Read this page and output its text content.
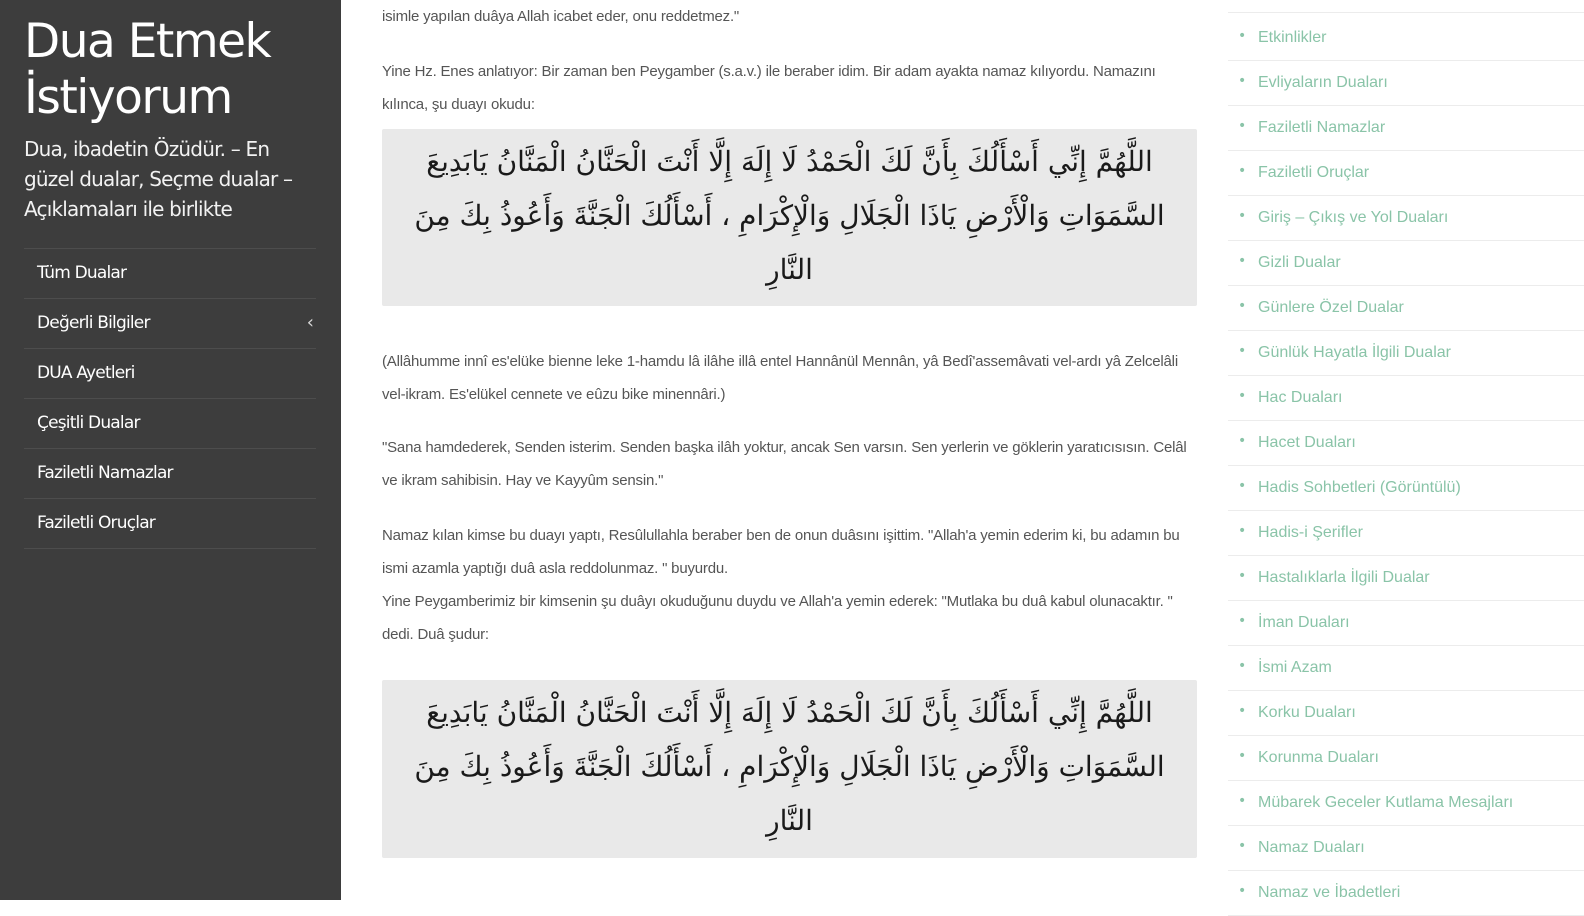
Dua Etmek
İstiyorum

Dua, ibadetin Özüdür. – En güzel dualar, Seçme dualar – Açıklamaları ile birlikte

Tüm Dualar
Değerli Bilgiler	‹
DUA Ayetleri
Çeşitli Dualar
Faziletli Namazlar
Faziletli Oruçlar

isimle yapılan duâya Allah icabet eder, onu reddetmez."

Yine Hz. Enes anlatıyor: Bir zaman ben Peygamber (s.a.v.) ile beraber idim. Bir adam ayakta namaz kılıyordu. Namazını kılınca, şu duayı okudu:

اللَّهُمَّ إِنِّي أَسْأَلُكَ بِأَنَّ لَكَ الْحَمْدُ لَا إِلَهَ إِلَّا أَنْتَ الْحَنَّانُ الْمَنَّانُ يَابَدِيعَ السَّمَوَاتِ وَالْأَرْضِ يَاذَا الْجَلَالِ وَالْإِكْرَامِ ، أَسْأَلُكَ الْجَنَّةَ وَأَعُوذُ بِكَ مِنَ النَّارِ

(Allâhumme innî es'elüke bienne leke 1-hamdu lâ ilâhe illâ entel Hannânül Mennân, yâ Bedî'assemâvati vel-ardı yâ Zelcelâli vel-ikram. Es'elükel cennete ve eûzu bike minennâri.)

"Sana hamdederek, Senden isterim. Senden başka ilâh yoktur, ancak Sen varsın. Sen yerlerin ve göklerin yaratıcısısın. Celâl ve ikram sahibisin. Hay ve Kayyûm sensin."

Namaz kılan kimse bu duayı yaptı, Resûlullahla beraber ben de onun duâsını işittim. "Allah'a yemin ederim ki, bu adamın bu ismi azamla yaptığı duâ asla reddolunmaz. " buyurdu.

Yine Peygamberimiz bir kimsenin şu duâyı okuduğunu duydu ve Allah'a yemin ederek: "Mutlaka bu duâ kabul olunacaktır. " dedi. Duâ şudur:

اللَّهُمَّ إِنِّي أَسْأَلُكَ بِأَنَّ لَكَ الْحَمْدُ لَا إِلَهَ إِلَّا أَنْتَ الْحَنَّانُ الْمَنَّانُ يَابَدِيعَ السَّمَوَاتِ وَالْأَرْضِ يَاذَا الْجَلَالِ وَالْإِكْرَامِ ، أَسْأَلُكَ الْجَنَّةَ وَأَعُوذُ بِكَ مِنَ النَّارِ
• Etkinlikler
• Evliyaların Duaları
• Faziletli Namazlar
• Faziletli Oruçlar
• Giriş – Çıkış ve Yol Duaları
• Gizli Dualar
• Günlere Özel Dualar
• Günlük Hayatla İlgili Dualar
• Hac Duaları
• Hacet Duaları
• Hadis Sohbetleri (Görüntülü)
• Hadis-i Şerifler
• Hastalıklarla İlgili Dualar
• İman Duaları
• İsmi Azam
• Korku Duaları
• Korunma Duaları
• Mübarek Geceler Kutlama Mesajları
• Namaz Duaları
• Namaz ve İbadetleri
